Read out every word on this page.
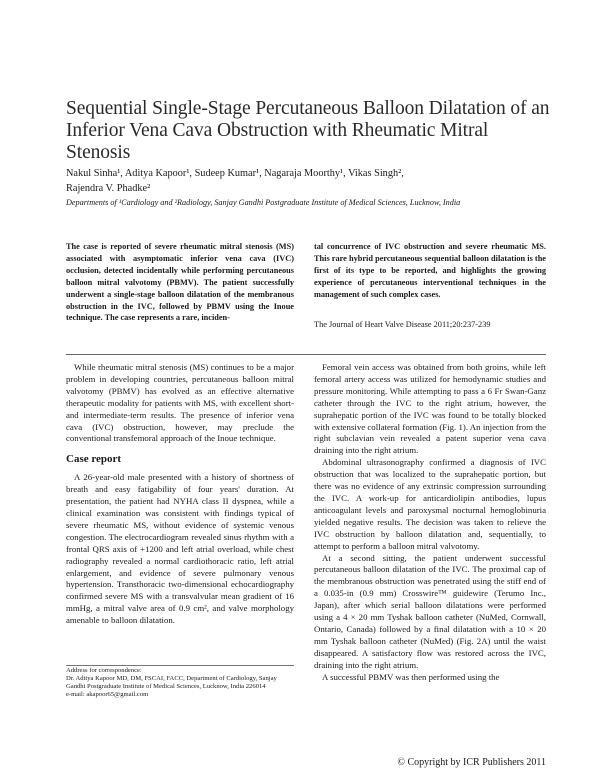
Sequential Single-Stage Percutaneous Balloon Dilatation of an Inferior Vena Cava Obstruction with Rheumatic Mitral Stenosis
Nakul Sinha¹, Aditya Kapoor¹, Sudeep Kumar¹, Nagaraja Moorthy¹, Vikas Singh²,
Rajendra V. Phadke²
Departments of ¹Cardiology and ²Radiology, Sanjay Gandhi Postgraduate Institute of Medical Sciences, Lucknow, India
The case is reported of severe rheumatic mitral stenosis (MS) associated with asymptomatic inferior vena cava (IVC) occlusion, detected incidentally while performing percutaneous balloon mitral valvotomy (PBMV). The patient successfully underwent a single-stage balloon dilatation of the membranous obstruction in the IVC, followed by PBMV using the Inoue technique. The case represents a rare, inciden-
tal concurrence of IVC obstruction and severe rheumatic MS. This rare hybrid percutaneous sequential balloon dilatation is the first of its type to be reported, and highlights the growing experience of percutaneous interventional techniques in the management of such complex cases.
The Journal of Heart Valve Disease 2011;20:237-239

While rheumatic mitral stenosis (MS) continues to be a major problem in developing countries, percutaneous balloon mitral valvotomy (PBMV) has evolved as an effective alternative therapeutic modality for patients with MS, with excellent short- and intermediate-term results. The presence of inferior vena cava (IVC) obstruction, however, may preclude the conventional transfemoral approach of the Inoue technique.

Case report

A 26-year-old male presented with a history of shortness of breath and easy fatigability of four years' duration. At presentation, the patient had NYHA class II dyspnea, while a clinical examination was consistent with findings typical of severe rheumatic MS, without evidence of systemic venous congestion. The electrocardiogram revealed sinus rhythm with a frontal QRS axis of +1200 and left atrial overload, while chest radiography revealed a normal cardiothoracic ratio, left atrial enlargement, and evidence of severe pulmonary venous hypertension. Transthoracic two-dimensional echocardiography confirmed severe MS with a transvalvular mean gradient of 16 mmHg, a mitral valve area of 0.9 cm², and valve morphology amenable to balloon dilatation.

Femoral vein access was obtained from both groins, while left femoral artery access was utilized for hemodynamic studies and pressure monitoring. While attempting to pass a 6 Fr Swan-Ganz catheter through the IVC to the right atrium, however, the suprahepatic portion of the IVC was found to be totally blocked with extensive collateral formation (Fig. 1). An injection from the right subclavian vein revealed a patent superior vena cava draining into the right atrium.

Abdominal ultrasonography confirmed a diagnosis of IVC obstruction that was localized to the suprahepatic portion, but there was no evidence of any extrinsic compression surrounding the IVC. A work-up for anticardiolipin antibodies, lupus anticoagulant levels and paroxysmal nocturnal hemoglobinuria yielded negative results. The decision was taken to relieve the IVC obstruction by balloon dilatation and, sequentially, to attempt to perform a balloon mitral valvotomy.

At a second sitting, the patient underwent successful percutaneous balloon dilatation of the IVC. The proximal cap of the membranous obstruction was penetrated using the stiff end of a 0.035-in (0.9 mm) Crosswire™ guidewire (Terumo Inc., Japan), after which serial balloon dilatations were performed using a 4 × 20 mm Tyshak balloon catheter (NuMed, Cornwall, Ontario, Canada) followed by a final dilatation with a 10 × 20 mm Tyshak balloon catheter (NuMed) (Fig. 2A) until the waist disappeared. A satisfactory flow was restored across the IVC, draining into the right atrium.

A successful PBMV was then performed using the

Address for correspondence:
Dr. Aditya Kapoor MD, DM, FSCAI, FACC, Department of Cardiology, Sanjay Gandhi Postgraduate Institute of Medical Sciences, Lucknow, India 226014
e-mail: akapoor65@gmail.com
© Copyright by ICR Publishers 2011
